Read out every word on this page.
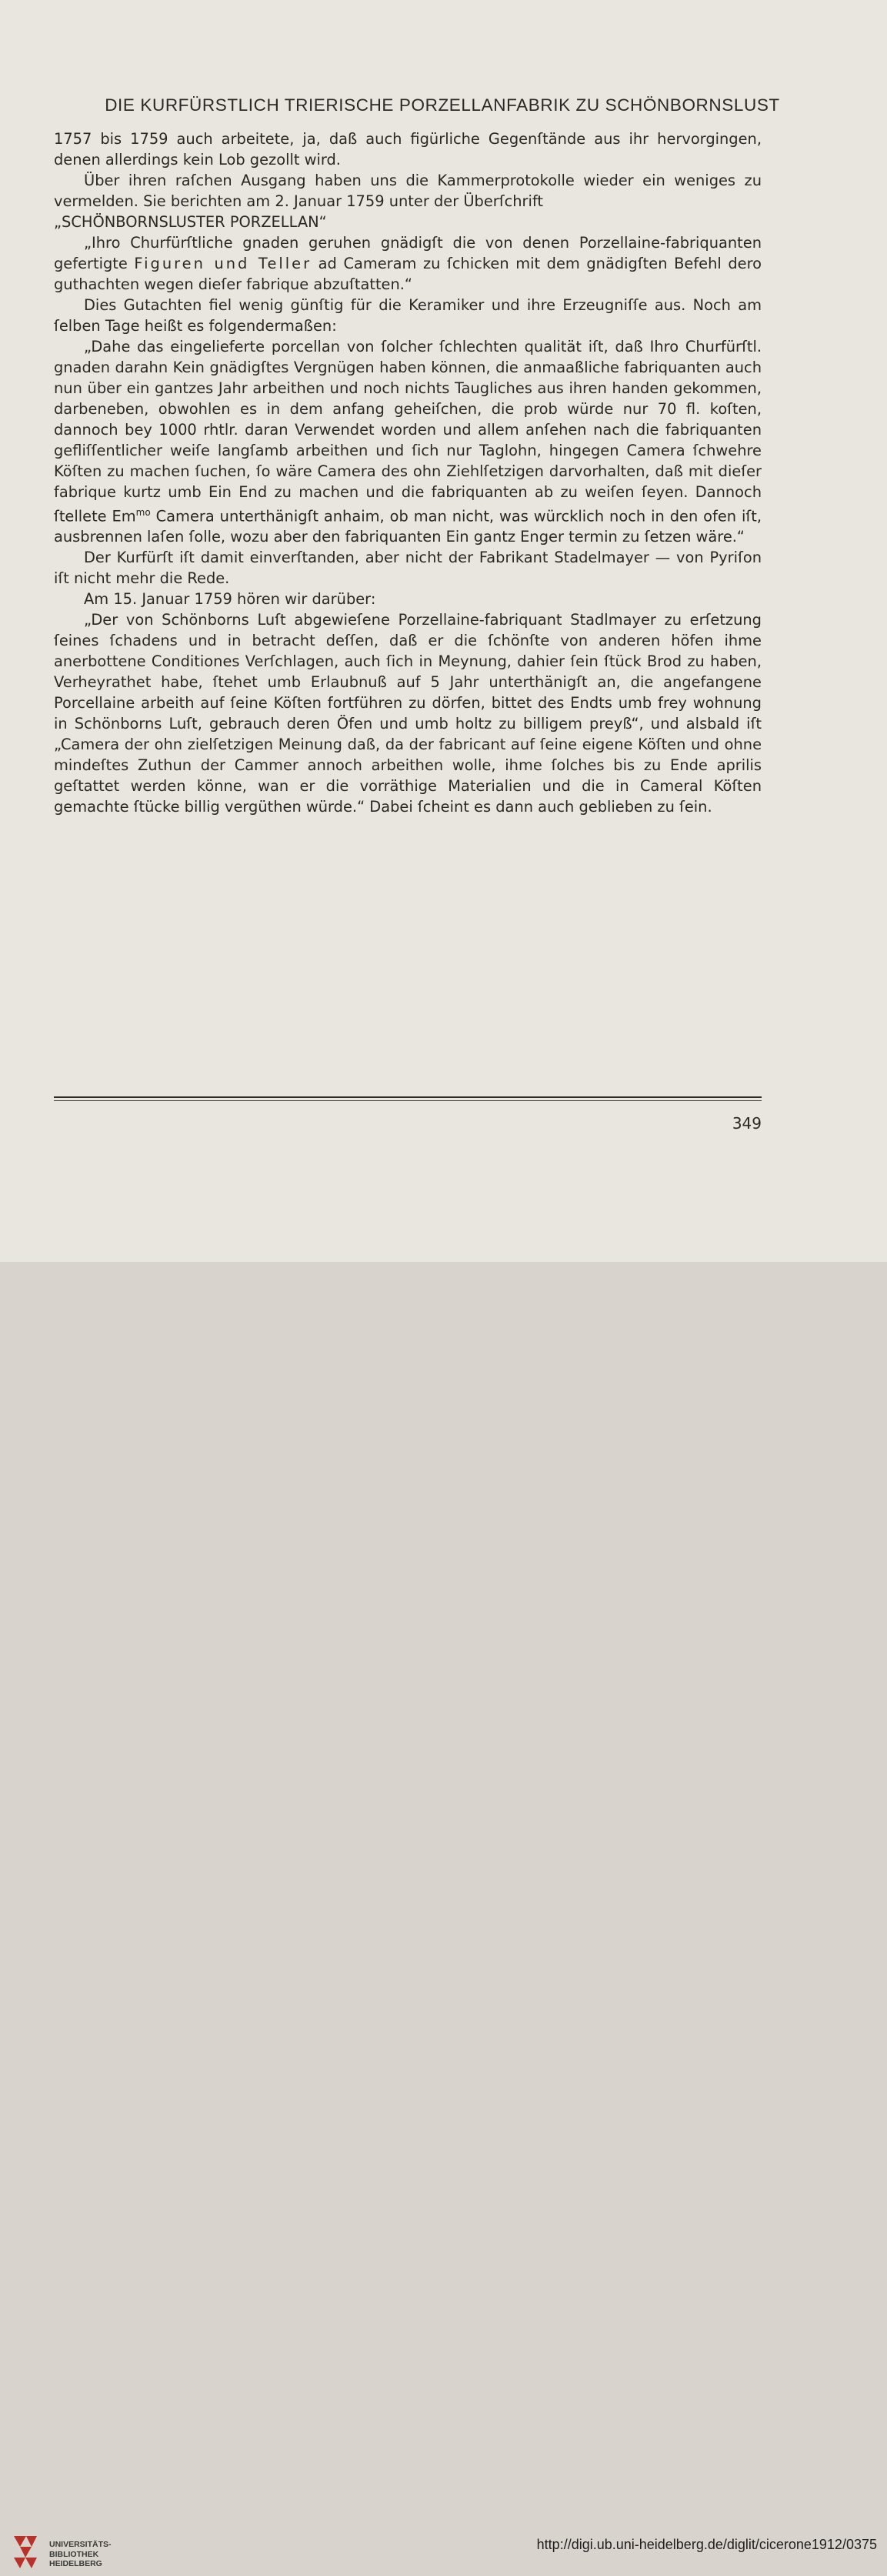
DIE KURFÜRSTLICH TRIERISCHE PORZELLANFABRIK ZU SCHÖNBORNSLUST

1757 bis 1759 auch arbeitete, ja, daß auch figürliche Gegenſtände aus ihr hervorgingen, denen allerdings kein Lob gezollt wird.

Über ihren raſchen Ausgang haben uns die Kammerprotokolle wieder ein weniges zu vermelden. Sie berichten am 2. Januar 1759 unter der Überſchrift

„SCHÖNBORNSLUSTER PORZELLAN“

„Ihro Churfürſtliche gnaden geruhen gnädigſt die von denen Porzellaine-fabriquanten gefertigte Figuren und Teller ad Cameram zu ſchicken mit dem gnädigſten Befehl dero guthachten wegen dieſer fabrique abzuſtatten.“

Dies Gutachten fiel wenig günſtig für die Keramiker und ihre Erzeugniſſe aus. Noch am ſelben Tage heißt es folgendermaßen:

„Dahe das eingelieferte porcellan von ſolcher ſchlechten qualität iſt, daß Ihro Churfürſtl. gnaden darahn Kein gnädigſtes Vergnügen haben können, die anmaaßliche fabriquanten auch nun über ein gantzes Jahr arbeithen und noch nichts Taugliches aus ihren handen gekommen, darbeneben, obwohlen es in dem anfang geheiſchen, die prob würde nur 70 fl. koſten, dannoch bey 1000 rhtlr. daran Verwendet worden und allem anſehen nach die fabriquanten gefliſſentlicher weiſe langſamb arbeithen und ſich nur Taglohn, hingegen Camera ſchwehre Köſten zu machen ſuchen, ſo wäre Camera des ohn Ziehlſetzigen darvorhalten, daß mit dieſer fabrique kurtz umb Ein End zu machen und die fabriquanten ab zu weiſen ſeyen. Dannoch ſtellete $Em^{mo}$ Camera unterthänigſt anhaim, ob man nicht, was würcklich noch in den ofen iſt, ausbrennen laſen ſolle, wozu aber den fabriquanten Ein gantz Enger termin zu ſetzen wäre.“

Der Kurfürſt iſt damit einverſtanden, aber nicht der Fabrikant Stadelmayer — von Pyriſon iſt nicht mehr die Rede.

Am 15. Januar 1759 hören wir darüber:

„Der von Schönborns Luſt abgewieſene Porzellaine-fabriquant Stadlmayer zu erſetzung ſeines ſchadens und in betracht deſſen, daß er die ſchönſte von anderen höfen ihme anerbottene Conditiones Verſchlagen, auch ſich in Meynung, dahier ſein ſtück Brod zu haben, Verheyrathet habe, ſtehet umb Erlaubnuß auf 5 Jahr unterthänigſt an, die angefangene Porcellaine arbeith auf ſeine Köſten fortführen zu dörfen, bittet des Endts umb frey wohnung in Schönborns Luſt, gebrauch deren Öfen und umb holtz zu billigem preyß“, und alsbald iſt „Camera der ohn zielſetzigen Meinung daß, da der fabricant auf ſeine eigene Köſten und ohne mindeſtes Zuthun der Cammer annoch arbeithen wolle, ihme ſolches bis zu Ende aprilis geſtattet werden könne, wan er die vorräthige Materialien und die in Cameral Köſten gemachte ſtücke billig vergüthen würde.“ Dabei ſcheint es dann auch geblieben zu ſein.

349
UNIVERSITÄTS-
BIBLIOTHEK
HEIDELBERG
http://digi.ub.uni-heidelberg.de/diglit/cicerone1912/0375
